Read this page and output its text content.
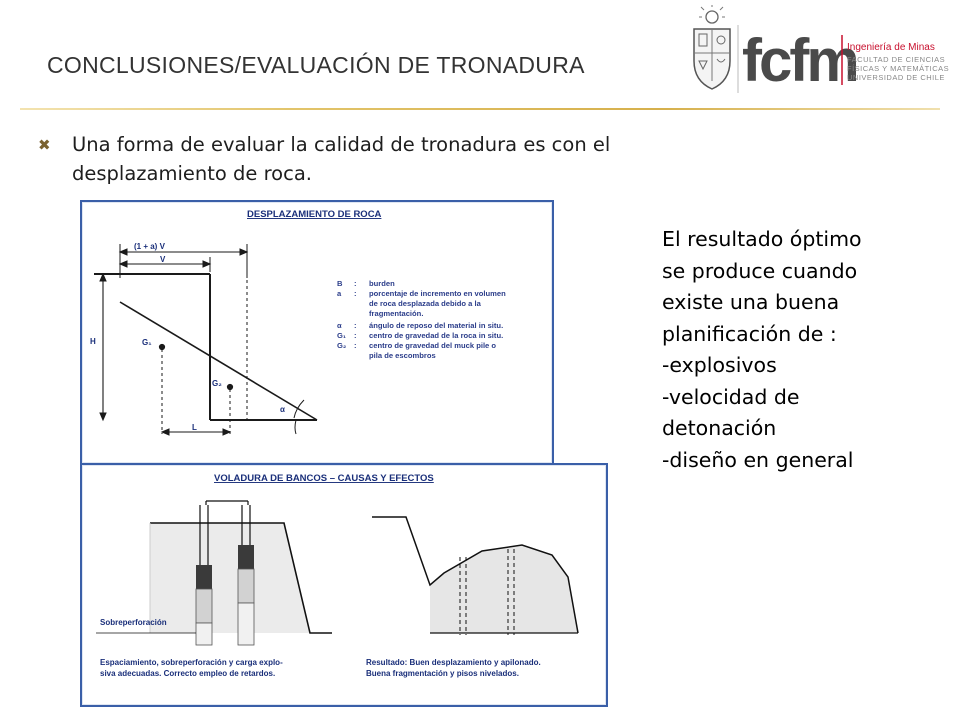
CONCLUSIONES/EVALUACIÓN DE TRONADURA	fcfm
Ingeniería de Minas
FACULTAD DE CIENCIAS
FÍSICAS Y MATEMÁTICAS
UNIVERSIDAD DE CHILE
✖ Una forma de evaluar la calidad de tronadura es con el
desplazamiento de roca.
DESPLAZAMIENTO DE ROCA
(1 + a) V
V
H	G₁
G₂
L
α
B : burden
a : porcentaje de incremento en volumen
de roca desplazada debido a la
fragmentación.
α : ángulo de reposo del material in situ.
G₁ : centro de gravedad de la roca in situ.
G₂ : centro de gravedad del muck pile o
pila de escombros
VOLADURA DE BANCOS – CAUSAS Y EFECTOS
Sobreperforación
Espaciamiento, sobreperforación y carga explo-
siva adecuadas. Correcto empleo de retardos.
Resultado: Buen desplazamiento y apilonado.
Buena fragmentación y pisos nivelados.
El resultado óptimo
se produce cuando
existe una buena
planificación de :
-explosivos
-velocidad de
detonación
-diseño en general
